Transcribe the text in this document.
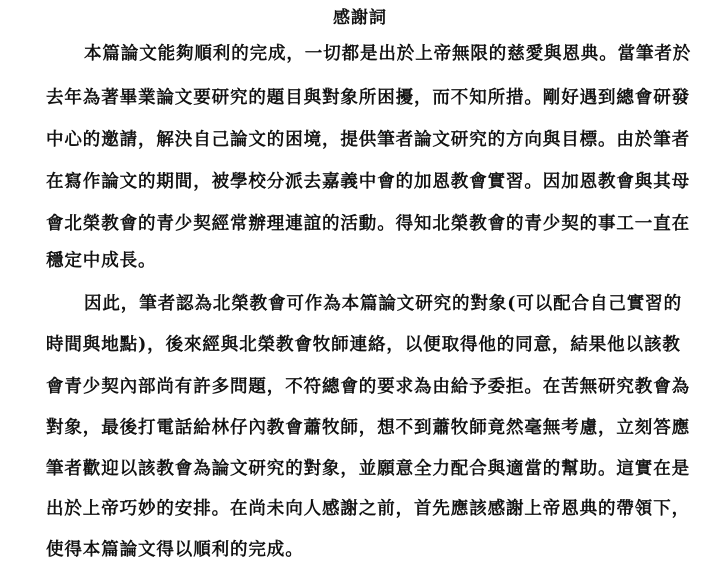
感謝詞
本篇論文能夠順利的完成，一切都是出於上帝無限的慈愛與恩典。當筆者於
去年為著畢業論文要研究的題目與對象所困擾，而不知所措。剛好遇到總會研發
中心的邀請，解決自己論文的困境，提供筆者論文研究的方向與目標。由於筆者
在寫作論文的期間，被學校分派去嘉義中會的加恩教會實習。因加恩教會與其母
會北榮教會的青少契經常辦理連誼的活動。得知北榮教會的青少契的事工一直在
穩定中成長。
因此，筆者認為北榮教會可作為本篇論文研究的對象(可以配合自己實習的
時間與地點)，後來經與北榮教會牧師連絡，以便取得他的同意，結果他以該教
會青少契內部尚有許多問題，不符總會的要求為由給予委拒。在苦無研究教會為
對象，最後打電話給林仔內教會蕭牧師，想不到蕭牧師竟然毫無考慮，立刻答應
筆者歡迎以該教會為論文研究的對象，並願意全力配合與適當的幫助。這實在是
出於上帝巧妙的安排。在尚未向人感謝之前，首先應該感謝上帝恩典的帶領下，
使得本篇論文得以順利的完成。
